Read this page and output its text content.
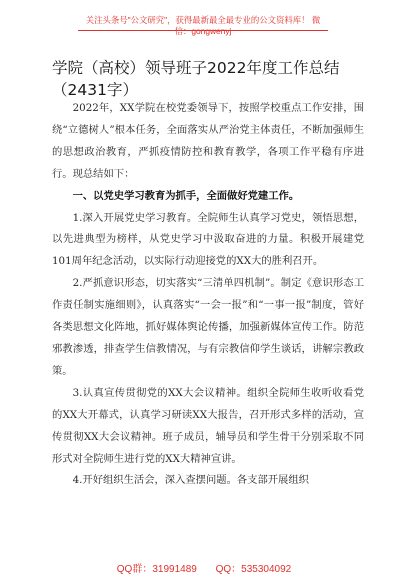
关注头条号"公文研究"，获得最新最全最专业的公文资料库！ 微信：gongwenyj
学院（高校）领导班子2022年度工作总结（2431字）

2022年，XX学院在校党委领导下，按照学校重点工作安排，围绕“立德树人”根本任务，全面落实从严治党主体责任，不断加强师生的思想政治教育，严抓疫情防控和教育教学，各项工作平稳有序进行。现总结如下：

一、以党史学习教育为抓手，全面做好党建工作。

1.深入开展党史学习教育。全院师生认真学习党史，领悟思想，以先进典型为榜样，从党史学习中汲取奋进的力量。积极开展建党101周年纪念活动，以实际行动迎接党的XX大的胜利召开。

2.严抓意识形态，切实落实“三清单四机制”。制定《意识形态工作责任制实施细则》，认真落实“一会一报”和“一事一报”制度，管好各类思想文化阵地，抓好媒体舆论传播，加强新媒体宣传工作。防范邪教渗透，排查学生信教情况，与有宗教信仰学生谈话，讲解宗教政策。

3.认真宣传贯彻党的XX大会议精神。组织全院师生收听收看党的XX大开幕式，认真学习研读XX大报告，召开形式多样的活动，宣传贯彻XX大会议精神。班子成员，辅导员和学生骨干分别采取不同形式对全院师生进行党的XX大精神宣讲。

4.开好组织生活会，深入查摆问题。各支部开展组织

QQ群：31991489 QQ：535304092
